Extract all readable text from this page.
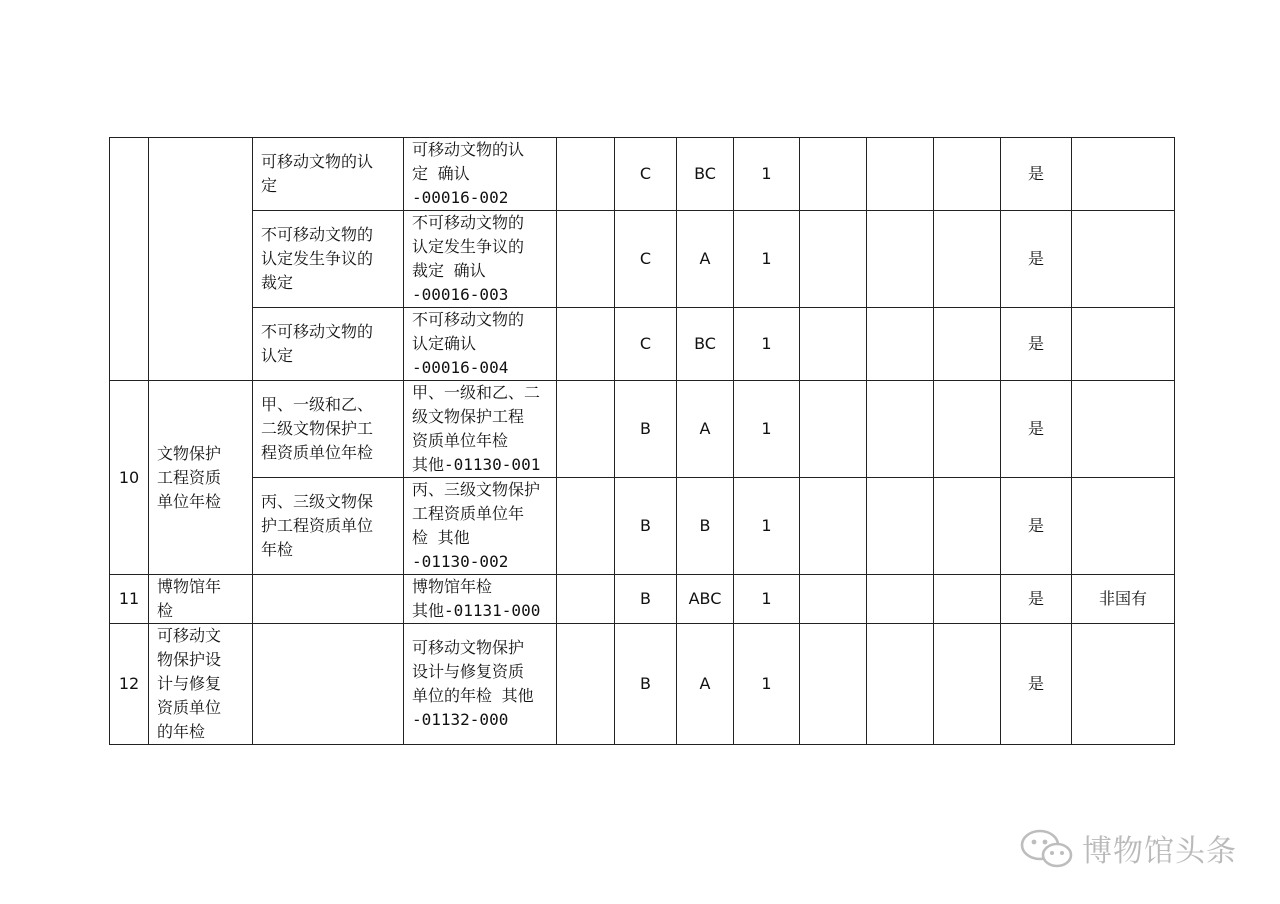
		可移动文物的认
定	可移动文物的认
定 确认
-00016-002		C	BC	1				是	
		不可移动文物的
认定发生争议的
裁定	不可移动文物的
认定发生争议的
裁定 确认
-00016-003		C	A	1				是	
		不可移动文物的
认定	不可移动文物的
认定确认
-00016-004		C	BC	1				是	
10	文物保护
工程资质
单位年检	甲、一级和乙、
二级文物保护工
程资质单位年检	甲、一级和乙、二
级文物保护工程
资质单位年检
其他-01130-001		B	A	1				是	
		丙、三级文物保
护工程资质单位
年检	丙、三级文物保护
工程资质单位年
检 其他
-01130-002		B	B	1				是	
11	博物馆年
检		博物馆年检
其他-01131-000		B	ABC	1				是	非国有
12	可移动文
物保护设
计与修复
资质单位
的年检		可移动文物保护
设计与修复资质
单位的年检 其他
-01132-000		B	A	1				是	
博物馆头条
